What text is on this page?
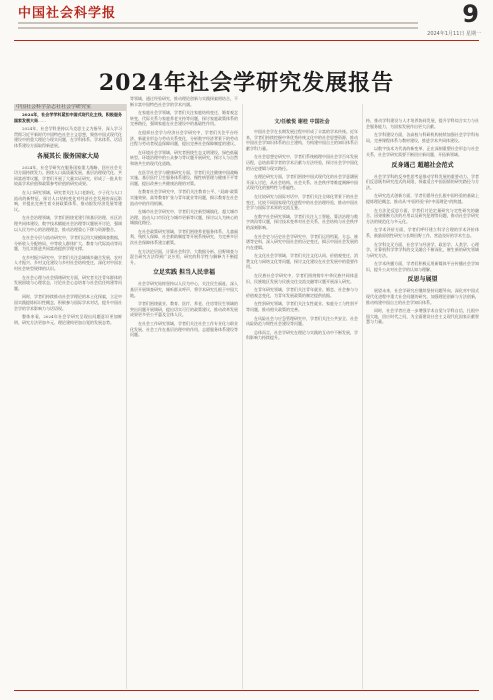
中国社会科学报	9
2024年1月11日 星期一
2024年社会学研究发展报告
中国社会科学杂志社社会学研究室

2024年，社会学学科紧扣中国式现代化主线，积极服务国家发展大局……

2024年，社会学科坚持以马克思主义为指导，深入学习贯彻习近平新时代中国特色社会主义思想，聚焦中国式现代化建设中的重大理论与现实问题，在学科体系、学术体系、话语体系建设方面取得新进展。

各展其长 服务国家大局

2024年，社会学研究在服务国家重大战略、回应社会关切方面持续发力。围绕人口高质量发展、基层治理现代化、共同富裕等议题，学者们开展了大量实证研究，形成了一批具有较高学术价值和政策参考价值的研究成果。

在人口研究领域，研究者关注人口老龄化、少子化与人口流动的新特征，探讨人口结构变化对经济社会发展的深远影响，并提出完善生育支持政策体系、推动银发经济发展等建议。

在社会治理领域，学者们围绕党建引领基层治理、社区治理共同体建设、数字技术赋能社会治理等议题展开讨论，强调以人民为中心的治理理念，推动治理重心下移与资源整合。

在社会分层与流动研究中，学者们运用大规模调查数据，分析收入分配格局、中等收入群体扩大、教育与代际流动等问题，为扎实推进共同富裕提供学理支撑。

在乡村振兴研究中，学者们关注县域城乡融合发展、农村人才振兴、乡村文化建设与乡村社会结构变迁，深化对中国农村社会转型规律的认识。

在社会心理与社会情绪研究方面，研究者关注青年群体的发展困境与心理状态，讨论社会心态培育与社会信任构建等问题。

同时，学者们持续推动社会学理论的本土化探索，立足中国实践提炼标识性概念，积极参与国际学术对话，提升中国社会学的学术影响力与话语权。

整体来看，2024年社会学研究呈现出问题意识更加鲜明、研究方法更加多元、理论建构更加自觉的发展态势。

等领域，通过经验研究，推动理论创新与实践探索相结合，不断丰富中国特色社会学的学术内涵。

在家庭社会学领域，学者们关注家庭结构变迁、婚育观念转变、代际关系与家庭养老支持等问题，探讨家庭政策体系的完善路径，强调家庭在社会建设中的基础性作用。

在组织社会学与经济社会学研究中，学者们关注平台经济、新就业形态与劳动关系变化，分析数字经济背景下的劳动过程与劳动者权益保障问题，提出完善社会保障制度的建议。

在环境社会学领域，研究者围绕生态文明建设、绿色低碳转型、环境治理中的公众参与等议题开展研究，探讨人与自然和谐共生的现代化道路。

在医学社会学与健康研究方面，学者们关注健康中国战略实施、基层医疗卫生服务体系建设、慢性病管理与健康不平等问题，提出改善公共健康治理的对策。

在教育社会学研究中，学者们关注教育公平、"双减"政策实施效果、高等教育扩张与青年就业等问题，揭示教育在社会流动中的作用机制。

在城市社会学研究中，学者们关注新型城镇化、超大城市治理、流动人口市民化与城市更新等议题，探讨以人为核心的城镇化路径。

在社会政策研究领域，学者们围绕养老服务体系、儿童福利、残疾人保障、社会救助制度等开展系统研究，为完善多层次社会保障体系建言献策。

在方法论层面，计算社会科学、大数据分析、田野调查与混合研究方法得到广泛应用，研究的科学性与解释力不断提升。

立足实践 担当人民幸福

社会学研究始终坚持以人民为中心，关注民生福祉，深入基层开展调查研究，倾听群众呼声，将学术研究扎根于中国大地。

学者们围绕就业、教育、医疗、养老、住房等民生领域的突出问题开展调研，提出切实可行的政策建议，推动改革发展成果更多更公平惠及全体人民。

在社会工作研究领域，学者们关注社会工作专业化与职业化发展、社会工作在基层治理中的作用、志愿服务体系建设等问题。

文/任敏悦 谢桂 中国社会

中国社会学在长期发展过程中形成了丰富的学术传统。近年来，学者们持续挖掘中华优秀传统文化中的社会思想资源，推动中国社会学知识体系的自主建构，为构建中国自主的知识体系贡献学科力量。

在社会思想史研究中，学者们系统梳理中国社会学百年发展历程，总结前辈学者的学术贡献与方法经验，探讨社会学中国化的历史逻辑与现实路径。

在理论研究方面，学者们围绕中国式现代化的社会学意涵展开深入讨论，从社会结构、社会关系、社会秩序等维度阐释中国式现代化的独特性与普遍性。

在比较研究与国际对话中，学者们关注全球化背景下的社会变迁，比较不同国家现代化进程中的社会治理经验，推动中国社会学与国际学术界的交流互鉴。

在数字社会研究领域，学者们关注人工智能、算法治理与数字鸿沟等议题，探讨技术变革对社会关系、社会结构与社会秩序的深刻影响。

在社会史与历史社会学研究中，学者们运用档案、方志、族谱等史料，深入研究中国社会的历史变迁，揭示中国社会发展的内在逻辑。

在文化社会学领域，学者们关注文化认同、价值观变迁、消费文化与网络文化等问题，探讨文化建设在社会发展中的重要作用。

在民族社会学研究中，学者们围绕铸牢中华民族共同体意识、民族地区发展与民族交往交流交融等议题开展深入研究。

在青年研究领域，学者们关注青年就业、婚恋、社会参与与价值观念变化，为青年发展政策的制定提供依据。

在性别研究领域，学者们关注女性就业、家庭分工与性别平等问题，推动相关政策的完善。

在风险社会与应急管理研究中，学者们关注公共安全、社会风险防范与韧性社会建设等问题。

总体而言，社会学研究在理论与实践的互动中不断发展，学科影响力持续提升。

持、推动学科建设与人才培养协同发展，提升学科综合实力与社会服务能力，为国家发展作出更大贡献。

在学科建设方面，各高校与科研机构持续加强社会学学科布局，完善课程体系与教材建设，推进学术共同体建设。

以数字技术为代表的新变革，正在深刻重塑社会形态与社会关系，社会学研究需要不断回应新问题、开拓新领域。

反身遇己 超越社会范式

社会学学科的反身性思考是推动学科发展的重要动力。学者们反思既有研究范式的局限，探索适合中国国情的研究路径与方法。

在研究范式创新方面，学者们倡导在扎根中国经验的基础上提炼理论概念，推动从"中国经验"到"中国理论"的跨越。

在方法论反思方面，学者们讨论定量研究与定性研究的融合、因果推断方法的应用以及研究伦理等问题，推动社会学研究方法的规范化与多元化。

在学术评价方面，学者们呼吁建立科学合理的学术评价体系，鼓励原创性研究与长期田野工作，营造良好的学术生态。

在学科交叉方面，社会学与经济学、政治学、人类学、心理学、计算机科学等学科的交叉融合不断深化，催生新的研究领域与研究方法。

在学术传播方面，学者们积极运用新媒体平台传播社会学知识，提升公众对社会学的认知与理解。

反思与展望

展望未来，社会学研究应继续坚持问题导向，深化对中国式现代化进程中重大社会问题的研究，加强理论创新与方法创新，推动构建中国自主的社会学知识体系。

同时，社会学者应进一步增强学术自觉与学科自信，扎根中国大地，回应时代之问，为全面建设社会主义现代化国家贡献智慧与力量。
